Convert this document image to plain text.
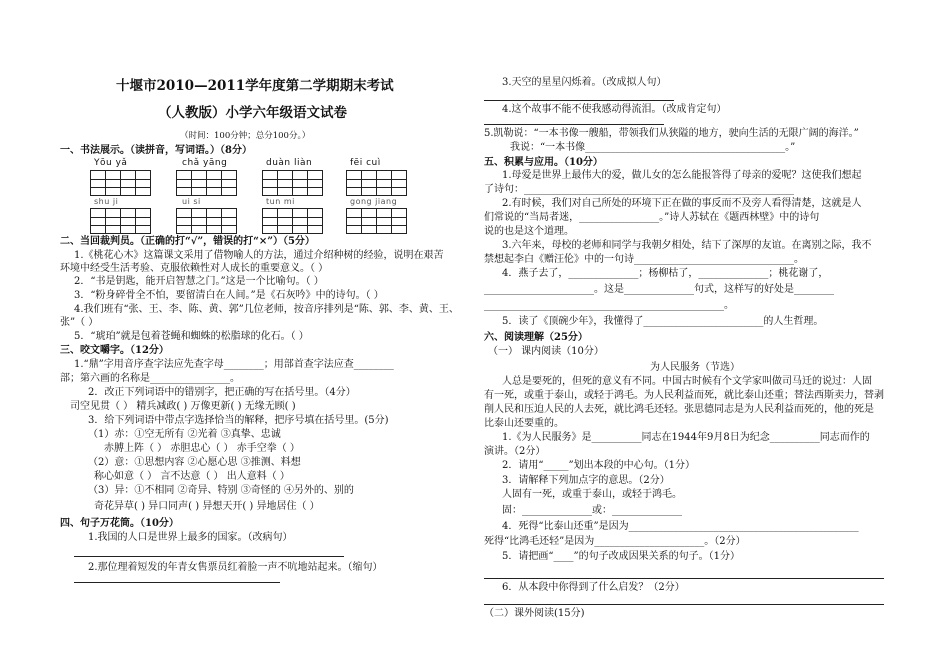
十堰市2010—2011学年度第二学期期末考试
（人教版）小学六年级语文试卷
（时间：100分钟；总分100分。）
一、书法展示。（读拼音，写词语。）（8分）
Yōu yǎ	chǎ yāng	duàn liàn	fēi cuì
shu ji	ui si	tun mi	gong jiang
二、当回裁判员。（正确的打“√”，错误的打“×”）（5分）
1.《桃花心木》这篇课文采用了借物喻人的方法，通过介绍种树的经验，说明在艰苦
环境中经受生活考验、克服依赖性对人成长的重要意义。（ ）
2．“书是钥匙，能开启智慧之门。”这是一个比喻句。（ ）
3．“粉身碎骨全不怕，要留清白在人间。”是《石灰吟》中的诗句。（ ）
4.我们班有“张、王、李、陈、黄、郭”几位老师，按音序排列是“陈、郭、李、黄、王、
张”（ ）
5．“琥珀”就是包着苍蝇和蜘蛛的松脂球的化石。（ ）
三、咬文嚼字。（12分）
1.“鼎”字用音序查字法应先查字母________；用部首查字法应查________
部；第六画的名称是________________。
2．改正下列词语中的错别字，把正确的写在括号里。（4分）
司空见贯（ ） 精兵减政( ) 万像更新( ) 无缘无顾( )
3．给下列词语中带点字选择恰当的解释，把序号填在括号里。(5分)
（1）赤：①空无所有 ②光着 ③真挚、忠诚
赤膊上阵（ ） 赤胆忠心（ ） 赤手空拳（ ）
（2）意：①思想内容 ②心愿心思 ③推测、料想
称心如意（ ） 言不达意（ ） 出人意料（ ）
（3）异：①不相同 ②奇异、特别 ③奇怪的 ④另外的、别的
奇花异草( ) 异口同声( ) 异想天开( ) 异地居住（ ）
四、句子万花筒。（10分）
1.我国的人口是世界上最多的国家。（改病句）
2.那位理着短发的年青女售票员红着脸一声不吭地站起来。（缩句）
3.天空的星星闪烁着。（改成拟人句）
4.这个故事不能不使我感动得流泪。（改成肯定句）
5.凯勒说：“一本书像一艘船，带领我们从狭隘的地方，驶向生活的无限广阔的海洋。”
我说：“一本书像________________________________________。”
五、积累与应用。（10分）
1.母爱是世界上最伟大的爱，做儿女的怎么能报答得了母亲的爱呢？这使我们想起
了诗句：______________________________________________________
2.有时候，我们对自己所处的环境下正在做的事反而不及旁人看得清楚，这就是人
们常说的“当局者迷，________________。”诗人苏轼在《题西林壁》中的诗句
说的也是这个道理。
3.六年来，母校的老师和同学与我朝夕相处，结下了深厚的友谊。在离别之际，我不
禁想起李白《赠汪伦》中的一句诗________________________________。
4．燕子去了，______________；杨柳枯了，______________；桃花谢了，
______________________。这是______________句式，这样写的好处是________
________________________________________________。
5．读了《顶碗少年》，我懂得了________________________的人生哲理。
六、阅读理解（25分）
（一） 课内阅读（10分）
为人民服务（节选）
人总是要死的，但死的意义有不同。中国古时候有个文学家叫做司马迁的说过：人固
有一死，或重于泰山，或轻于鸿毛。为人民利益而死，就比泰山还重；替法西斯卖力，替剥
削人民和压迫人民的人去死，就比鸿毛还轻。张思德同志是为人民利益而死的，他的死是
比泰山还要重的。
1.《为人民服务》是__________同志在1944年9月8日为纪念__________同志而作的
演讲。（2分）
2．请用“_____”划出本段的中心句。（1分）
3．请解释下列加点字的意思。（2分）
人固有一死，或重于泰山，或轻于鸿毛。
固：______________或：______________
4．死得“比泰山还重”是因为______________________________________________
死得“比鸿毛还轻”是因为______________________。（2分）
5．请把画“____”的句子改成因果关系的句子。（1分）
6．从本段中你得到了什么启发？（2分）
（二）课外阅读(15分)
